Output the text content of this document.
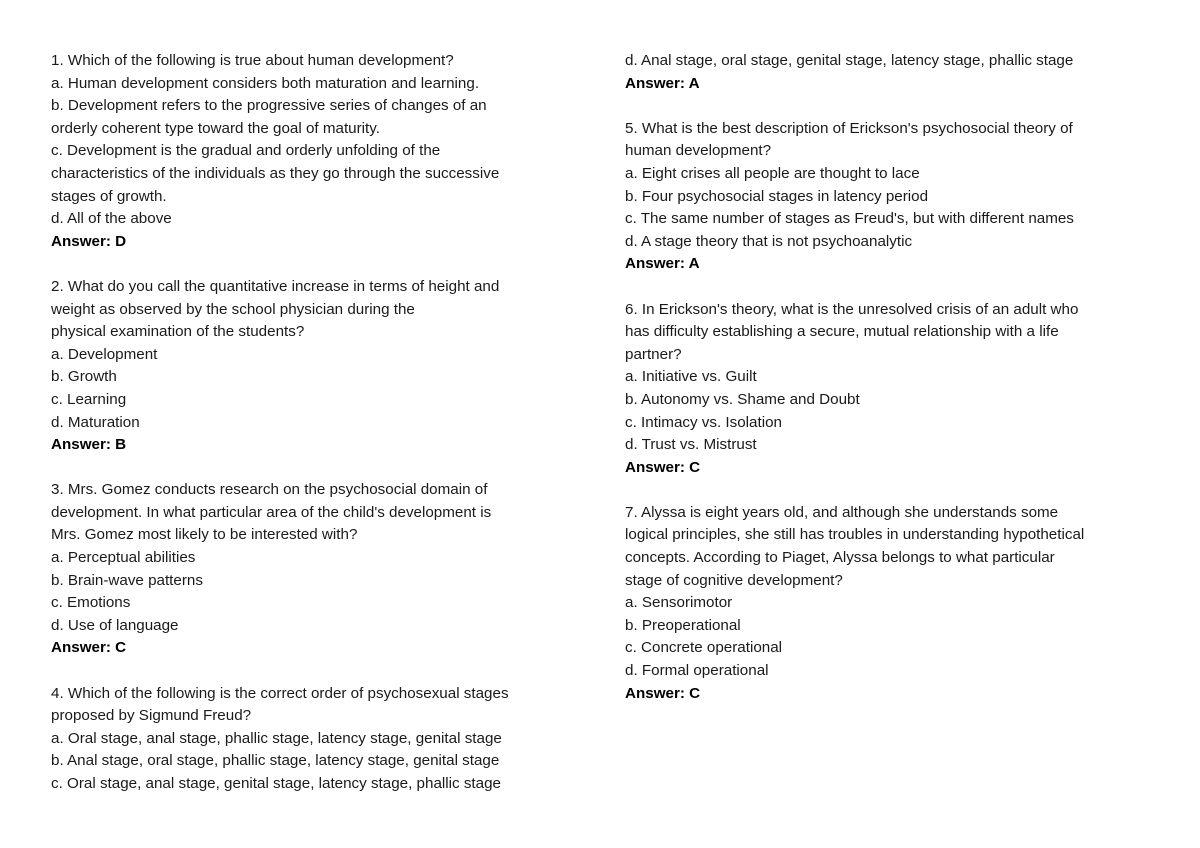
1. Which of the following is true about human development?
a. Human development considers both maturation and learning.
b. Development refers to the progressive series of changes of an
orderly coherent type toward the goal of maturity.
c. Development is the gradual and orderly unfolding of the
characteristics of the individuals as they go through the successive
stages of growth.
d. All of the above
Answer: D
2. What do you call the quantitative increase in terms of height and
weight as observed by the school physician during the
physical examination of the students?
a. Development
b. Growth
c. Learning
d. Maturation
Answer: B
3. Mrs. Gomez conducts research on the psychosocial domain of
development. In what particular area of the child's development is
Mrs. Gomez most likely to be interested with?
a. Perceptual abilities
b. Brain-wave patterns
c. Emotions
d. Use of language
Answer: C
4. Which of the following is the correct order of psychosexual stages
proposed by Sigmund Freud?
a. Oral stage, anal stage, phallic stage, latency stage, genital stage
b. Anal stage, oral stage, phallic stage, latency stage, genital stage
c. Oral stage, anal stage, genital stage, latency stage, phallic stage
d. Anal stage, oral stage, genital stage, latency stage, phallic stage
Answer: A
5. What is the best description of Erickson's psychosocial theory of
human development?
a. Eight crises all people are thought to lace
b. Four psychosocial stages in latency period
c. The same number of stages as Freud's, but with different names
d. A stage theory that is not psychoanalytic
Answer: A
6. In Erickson's theory, what is the unresolved crisis of an adult who
has difficulty establishing a secure, mutual relationship with a life
partner?
a. Initiative vs. Guilt
b. Autonomy vs. Shame and Doubt
c. Intimacy vs. Isolation
d. Trust vs. Mistrust
Answer: C
7. Alyssa is eight years old, and although she understands some
logical principles, she still has troubles in understanding hypothetical
concepts. According to Piaget, Alyssa belongs to what particular
stage of cognitive development?
a. Sensorimotor
b. Preoperational
c. Concrete operational
d. Formal operational
Answer: C
